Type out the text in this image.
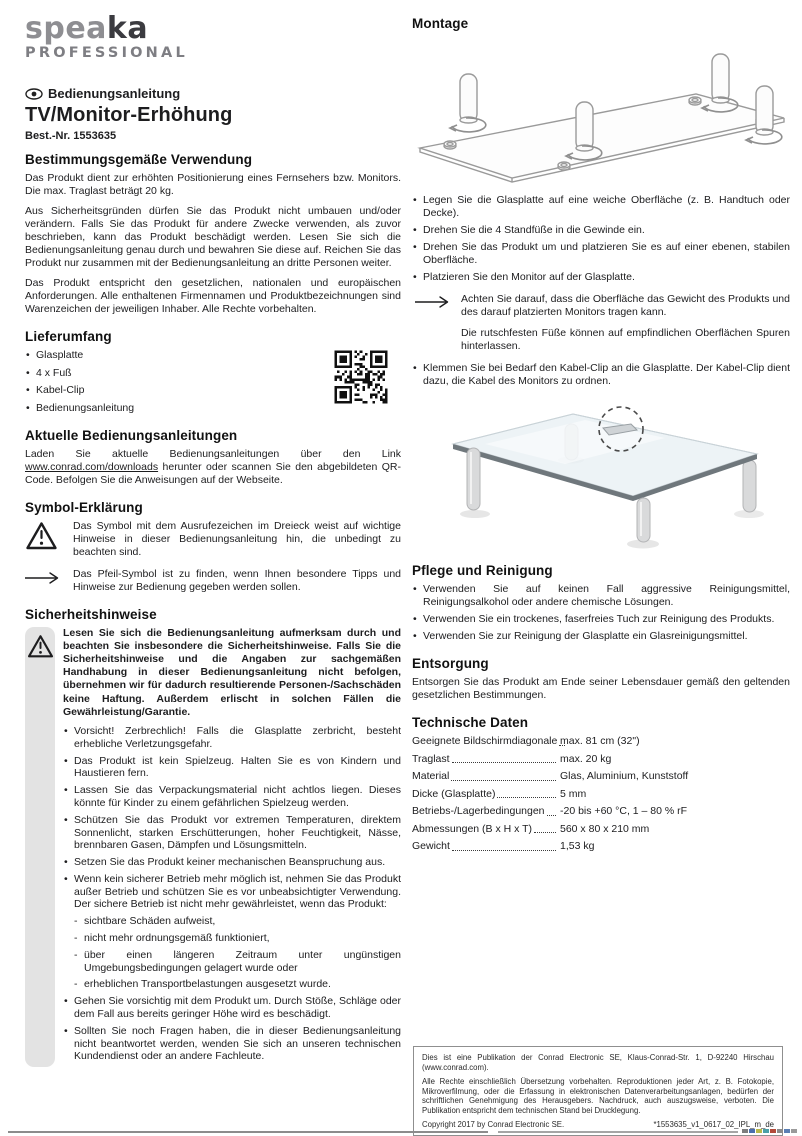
speaka
PROFESSIONAL
Bedienungsanleitung
TV/Monitor-Erhöhung
Best.-Nr. 1553635
Bestimmungsgemäße Verwendung

Das Produkt dient zur erhöhten Positionierung eines Fernsehers bzw. Monitors. Die max. Traglast beträgt 20 kg.

Aus Sicherheitsgründen dürfen Sie das Produkt nicht umbauen und/oder verändern. Falls Sie das Produkt für andere Zwecke verwenden, als zuvor beschrieben, kann das Produkt beschädigt werden. Lesen Sie sich die Bedienungsanleitung genau durch und bewahren Sie diese auf. Reichen Sie das Produkt nur zusammen mit der Bedienungsanleitung an dritte Personen weiter.

Das Produkt entspricht den gesetzlichen, nationalen und europäischen Anforderungen. Alle enthaltenen Firmennamen und Produktbezeichnungen sind Warenzeichen der jeweiligen Inhaber. Alle Rechte vorbehalten.

Lieferumfang
• Glasplatte
• 4 x Fuß
• Kabel-Clip
• Bedienungsanleitung
Aktuelle Bedienungsanleitungen

Laden Sie aktuelle Bedienungsanleitungen über den Link www.conrad.com/downloads herunter oder scannen Sie den abgebildeten QR-Code. Befolgen Sie die Anweisungen auf der Webseite.

Symbol-Erklärung

Das Symbol mit dem Ausrufezeichen im Dreieck weist auf wichtige Hinweise in dieser Bedienungsanleitung hin, die unbedingt zu beachten sind.

Das Pfeil-Symbol ist zu finden, wenn Ihnen besondere Tipps und Hinweise zur Bedienung gegeben werden sollen.

Sicherheitshinweise

Lesen Sie sich die Bedienungsanleitung aufmerksam durch und beachten Sie insbesondere die Sicherheitshinweise. Falls Sie die Sicherheitshinweise und die Angaben zur sachgemäßen Handhabung in dieser Bedienungsanleitung nicht befolgen, übernehmen wir für dadurch resultierende Personen-/Sachschäden keine Haftung. Außerdem erlischt in solchen Fällen die Gewährleistung/Garantie.

• Vorsicht! Zerbrechlich! Falls die Glasplatte zerbricht, besteht erhebliche Verletzungsgefahr.
• Das Produkt ist kein Spielzeug. Halten Sie es von Kindern und Haustieren fern.
• Lassen Sie das Verpackungsmaterial nicht achtlos liegen. Dieses könnte für Kinder zu einem gefährlichen Spielzeug werden.
• Schützen Sie das Produkt vor extremen Temperaturen, direktem Sonnenlicht, starken Erschütterungen, hoher Feuchtigkeit, Nässe, brennbaren Gasen, Dämpfen und Lösungsmitteln.
• Setzen Sie das Produkt keiner mechanischen Beanspruchung aus.
• Wenn kein sicherer Betrieb mehr möglich ist, nehmen Sie das Produkt außer Betrieb und schützen Sie es vor unbeabsichtigter Verwendung. Der sichere Betrieb ist nicht mehr gewährleistet, wenn das Produkt:
- sichtbare Schäden aufweist,
- nicht mehr ordnungsgemäß funktioniert,
- über einen längeren Zeitraum unter ungünstigen Umgebungsbedingungen gelagert wurde oder
- erheblichen Transportbelastungen ausgesetzt wurde.
• Gehen Sie vorsichtig mit dem Produkt um. Durch Stöße, Schläge oder dem Fall aus bereits geringer Höhe wird es beschädigt.
• Sollten Sie noch Fragen haben, die in dieser Bedienungsanleitung nicht beantwortet werden, wenden Sie sich an unseren technischen Kundendienst oder an andere Fachleute.
Montage
• Legen Sie die Glasplatte auf eine weiche Oberfläche (z. B. Handtuch oder Decke).
• Drehen Sie die 4 Standfüße in die Gewinde ein.
• Drehen Sie das Produkt um und platzieren Sie es auf einer ebenen, stabilen Oberfläche.
• Platzieren Sie den Monitor auf der Glasplatte.

Achten Sie darauf, dass die Oberfläche das Gewicht des Produkts und des darauf platzierten Monitors tragen kann.

Die rutschfesten Füße können auf empfindlichen Oberflächen Spuren hinterlassen.

• Klemmen Sie bei Bedarf den Kabel-Clip an die Glasplatte. Der Kabel-Clip dient dazu, die Kabel des Monitors zu ordnen.
Pflege und Reinigung
• Verwenden Sie auf keinen Fall aggressive Reinigungsmittel, Reinigungsalkohol oder andere chemische Lösungen.
• Verwenden Sie ein trockenes, faserfreies Tuch zur Reinigung des Produkts.
• Verwenden Sie zur Reinigung der Glasplatte ein Glasreinigungsmittel.
Entsorgung

Entsorgen Sie das Produkt am Ende seiner Lebensdauer gemäß den geltenden gesetzlichen Bestimmungen.

Technische Daten
Geeignete Bildschirmdiagonale max. 81 cm (32")
Traglast	max. 20 kg
Material	Glas, Aluminium, Kunststoff
Dicke (Glasplatte)	5 mm
Betriebs-/Lagerbedingungen -20 bis +60 °C, 1 – 80 % rF
Abmessungen (B x H x T)	560 x 80 x 210 mm
Gewicht	1,53 kg

Dies ist eine Publikation der Conrad Electronic SE, Klaus-Conrad-Str. 1, D-92240 Hirschau (www.conrad.com).

Alle Rechte einschließlich Übersetzung vorbehalten. Reproduktionen jeder Art, z. B. Fotokopie, Mikroverfilmung, oder die Erfassung in elektronischen Datenverarbeitungsanlagen, bedürfen der schriftlichen Genehmigung des Herausgebers. Nachdruck, auch auszugsweise, verboten. Die Publikation entspricht dem technischen Stand bei Drucklegung.

Copyright 2017 by Conrad Electronic SE.	*1553635_v1_0617_02_IPL_m_de
